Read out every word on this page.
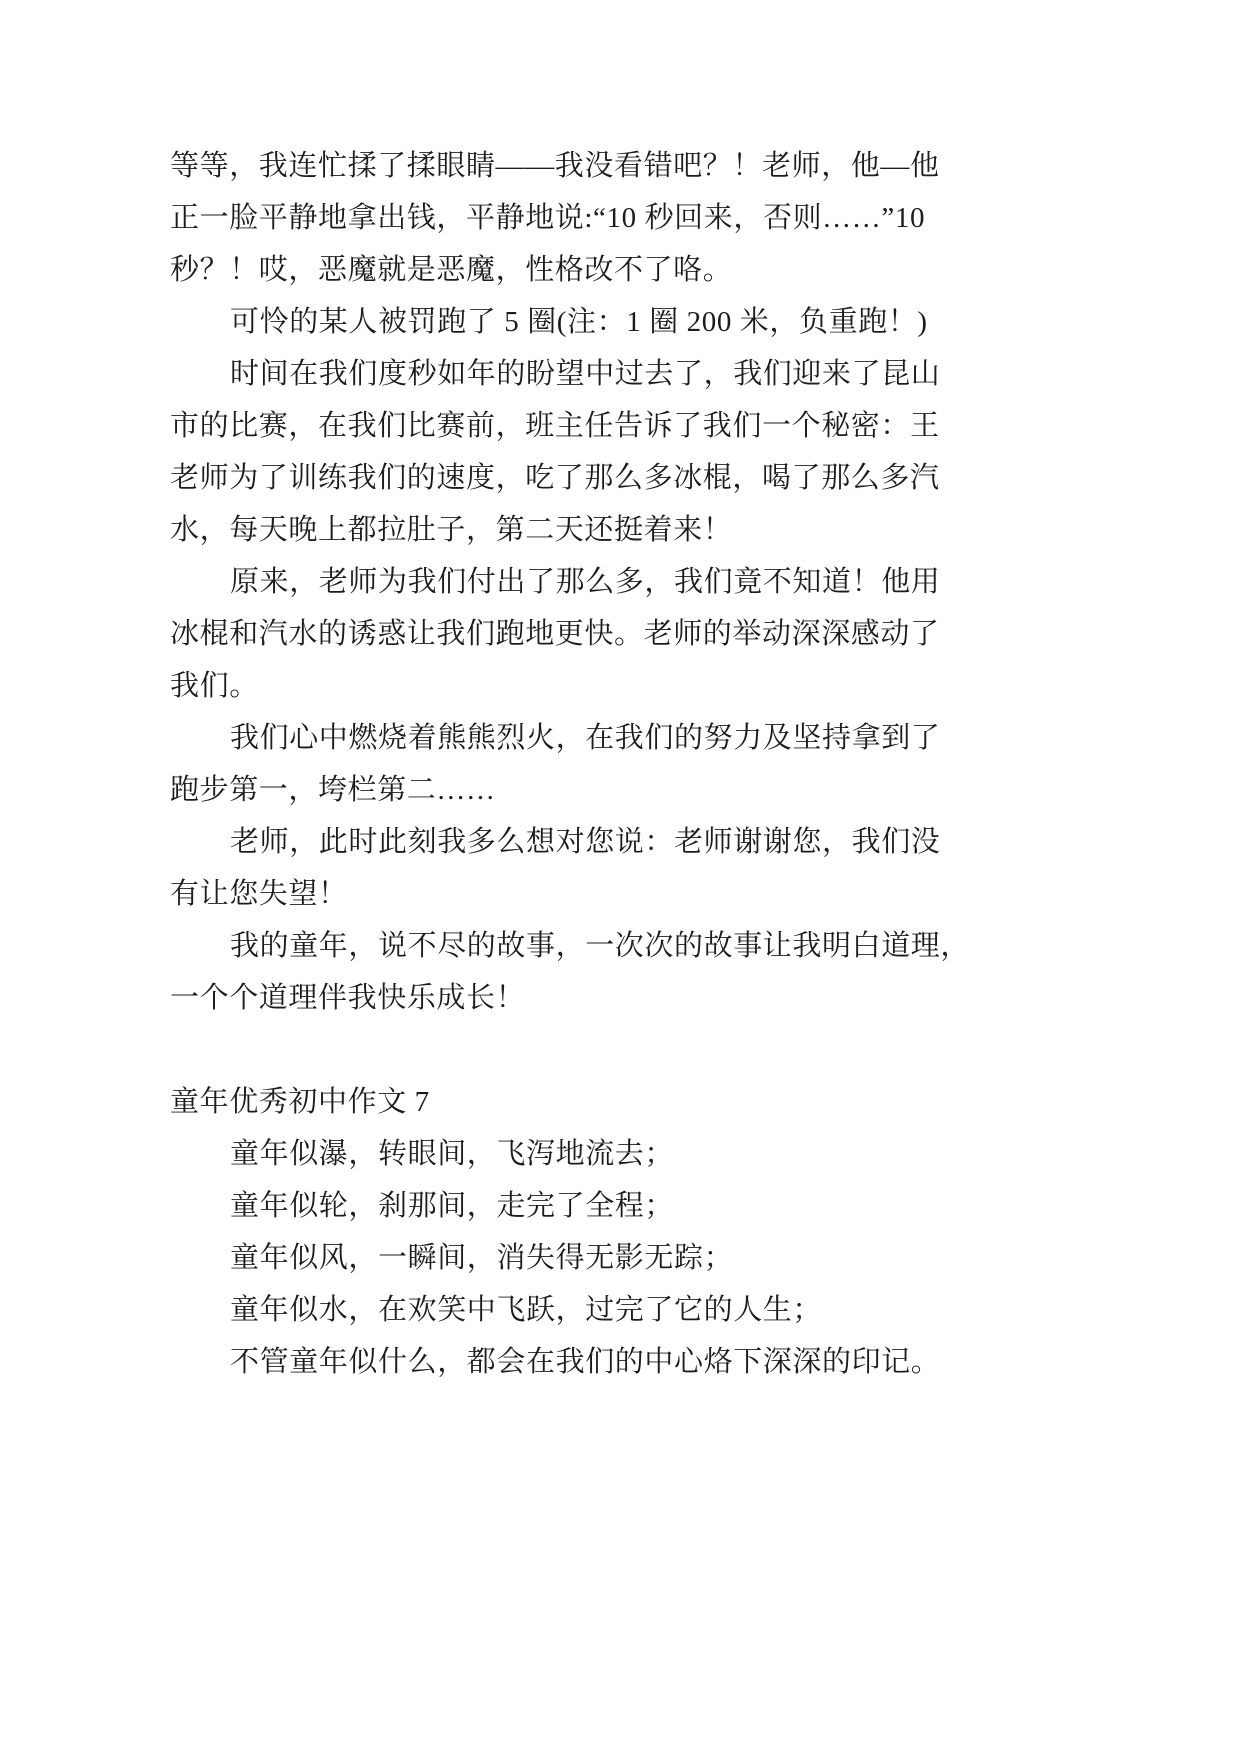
等等，我连忙揉了揉眼睛——我没看错吧？！老师，他—他
正一脸平静地拿出钱，平静地说:“10 秒回来，否则……”10
秒？！哎，恶魔就是恶魔，性格改不了咯。
可怜的某人被罚跑了 5 圈(注：1 圈 200 米，负重跑！)
时间在我们度秒如年的盼望中过去了，我们迎来了昆山
市的比赛，在我们比赛前，班主任告诉了我们一个秘密：王
老师为了训练我们的速度，吃了那么多冰棍，喝了那么多汽
水，每天晚上都拉肚子，第二天还挺着来！
原来，老师为我们付出了那么多，我们竟不知道！他用
冰棍和汽水的诱惑让我们跑地更快。老师的举动深深感动了
我们。
我们心中燃烧着熊熊烈火，在我们的努力及坚持拿到了
跑步第一，垮栏第二……
老师，此时此刻我多么想对您说：老师谢谢您，我们没
有让您失望！
我的童年，说不尽的故事，一次次的故事让我明白道理，
一个个道理伴我快乐成长！
童年优秀初中作文 7
童年似瀑，转眼间，飞泻地流去；
童年似轮，刹那间，走完了全程；
童年似风，一瞬间，消失得无影无踪；
童年似水，在欢笑中飞跃，过完了它的人生；
不管童年似什么，都会在我们的中心烙下深深的印记。
